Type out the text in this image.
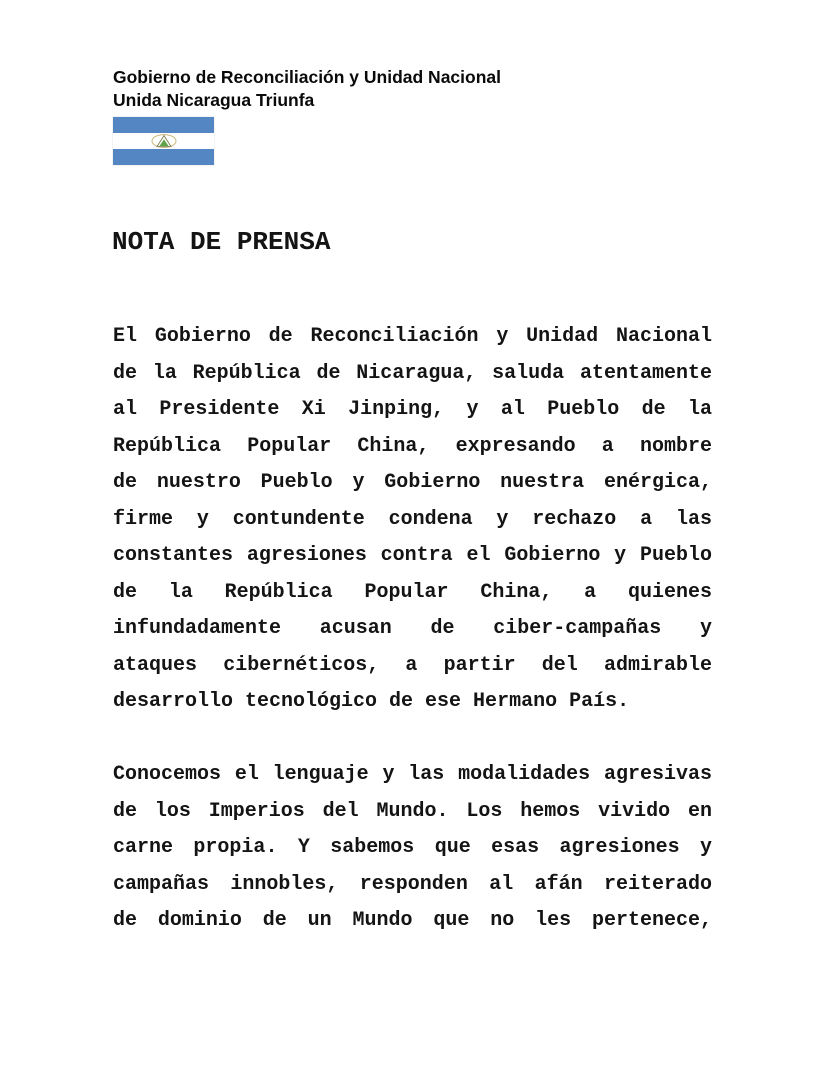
Gobierno de Reconciliación y Unidad Nacional
Unida Nicaragua Triunfa
NOTA DE PRENSA
El Gobierno de Reconciliación y Unidad Nacional
de la República de Nicaragua, saluda atentamente
al Presidente Xi Jinping, y al Pueblo de la
República Popular China, expresando a nombre
de nuestro Pueblo y Gobierno nuestra enérgica,
firme y contundente condena y rechazo a las
constantes agresiones contra el Gobierno y Pueblo
de la República Popular China, a quienes
infundadamente acusan de ciber-campañas y
ataques cibernéticos, a partir del admirable
desarrollo tecnológico de ese Hermano País.
Conocemos el lenguaje y las modalidades agresivas
de los Imperios del Mundo. Los hemos vivido en
carne propia. Y sabemos que esas agresiones y
campañas innobles, responden al afán reiterado
de dominio de un Mundo que no les pertenece,
